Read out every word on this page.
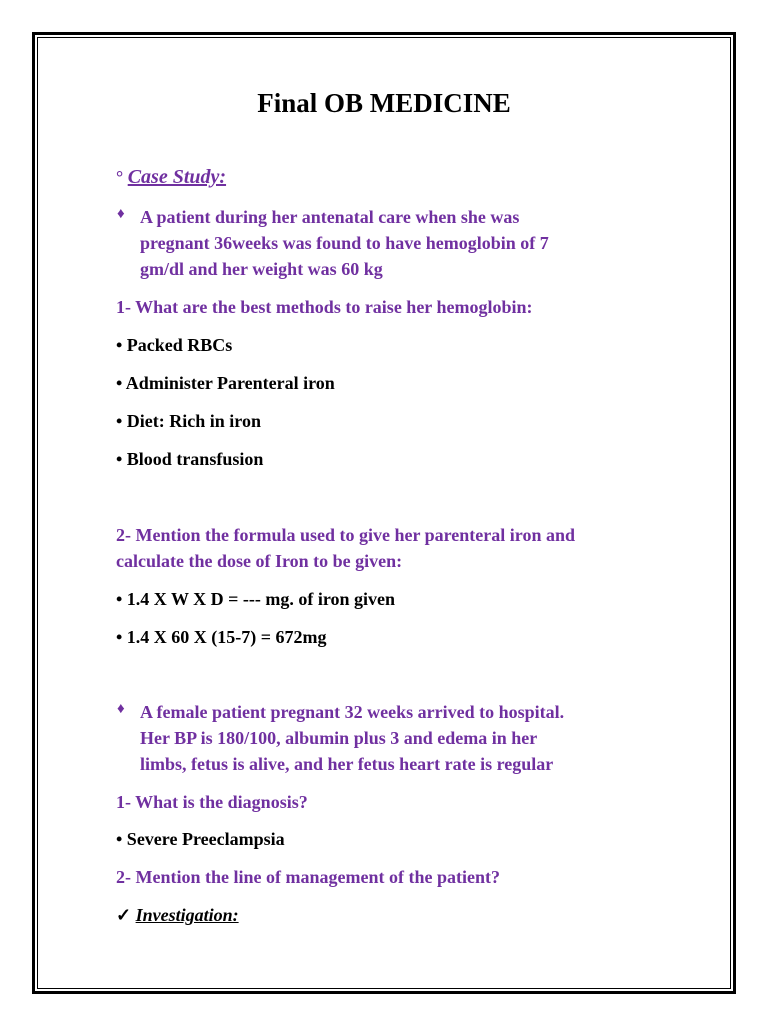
Final OB MEDICINE
° Case Study:
♦ A patient during her antenatal care when she was
pregnant 36weeks was found to have hemoglobin of 7
gm/dl and her weight was 60 kg
1- What are the best methods to raise her hemoglobin:
• Packed RBCs
• Administer Parenteral iron
• Diet: Rich in iron
• Blood transfusion
2- Mention the formula used to give her parenteral iron and
calculate the dose of Iron to be given:
• 1.4 X W X D = --- mg. of iron given
• 1.4 X 60 X (15-7) = 672mg
♦ A female patient pregnant 32 weeks arrived to hospital.
Her BP is 180/100, albumin plus 3 and edema in her
limbs, fetus is alive, and her fetus heart rate is regular
1- What is the diagnosis?
• Severe Preeclampsia
2- Mention the line of management of the patient?
✓ Investigation:
